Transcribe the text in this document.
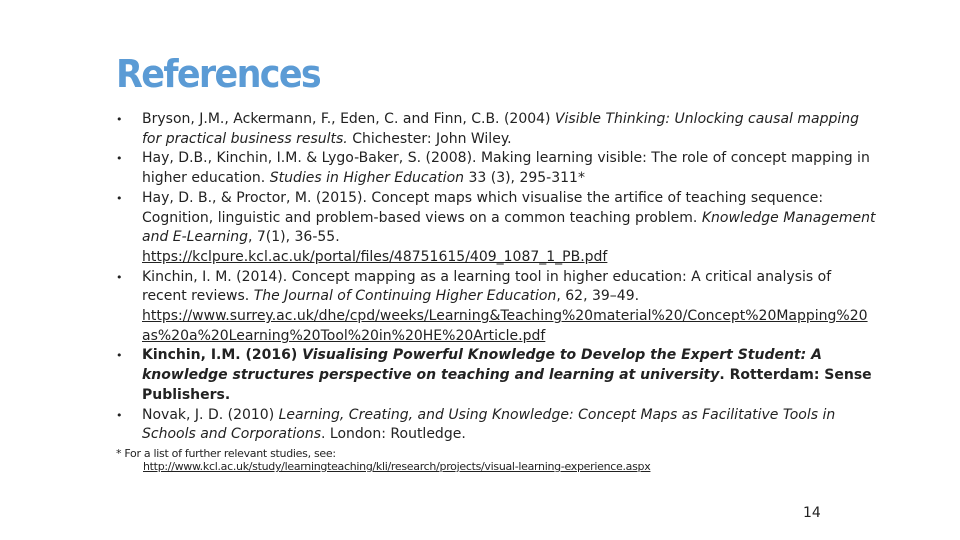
References
• Bryson, J.M., Ackermann, F., Eden, C. and Finn, C.B. (2004) Visible Thinking: Unlocking causal mapping for practical business results. Chichester: John Wiley.
• Hay, D.B., Kinchin, I.M. & Lygo-Baker, S. (2008). Making learning visible: The role of concept mapping in higher education. Studies in Higher Education 33 (3), 295-311*
• Hay, D. B., & Proctor, M. (2015). Concept maps which visualise the artifice of teaching sequence: Cognition, linguistic and problem-based views on a common teaching problem. Knowledge Management and E-Learning, 7(1), 36-55.
https://kclpure.kcl.ac.uk/portal/files/48751615/409_1087_1_PB.pdf
• Kinchin, I. M. (2014). Concept mapping as a learning tool in higher education: A critical analysis of recent reviews. The Journal of Continuing Higher Education, 62, 39–49.
https://www.surrey.ac.uk/dhe/cpd/weeks/Learning&Teaching%20material%20/Concept%20Mapping%20as%20a%20Learning%20Tool%20in%20HE%20Article.pdf
• Kinchin, I.M. (2016) Visualising Powerful Knowledge to Develop the Expert Student: A knowledge structures perspective on teaching and learning at university. Rotterdam: Sense Publishers.
• Novak, J. D. (2010) Learning, Creating, and Using Knowledge: Concept Maps as Facilitative Tools in Schools and Corporations. London: Routledge.
* For a list of further relevant studies, see:
http://www.kcl.ac.uk/study/learningteaching/kli/research/projects/visual-learning-experience.aspx
14
